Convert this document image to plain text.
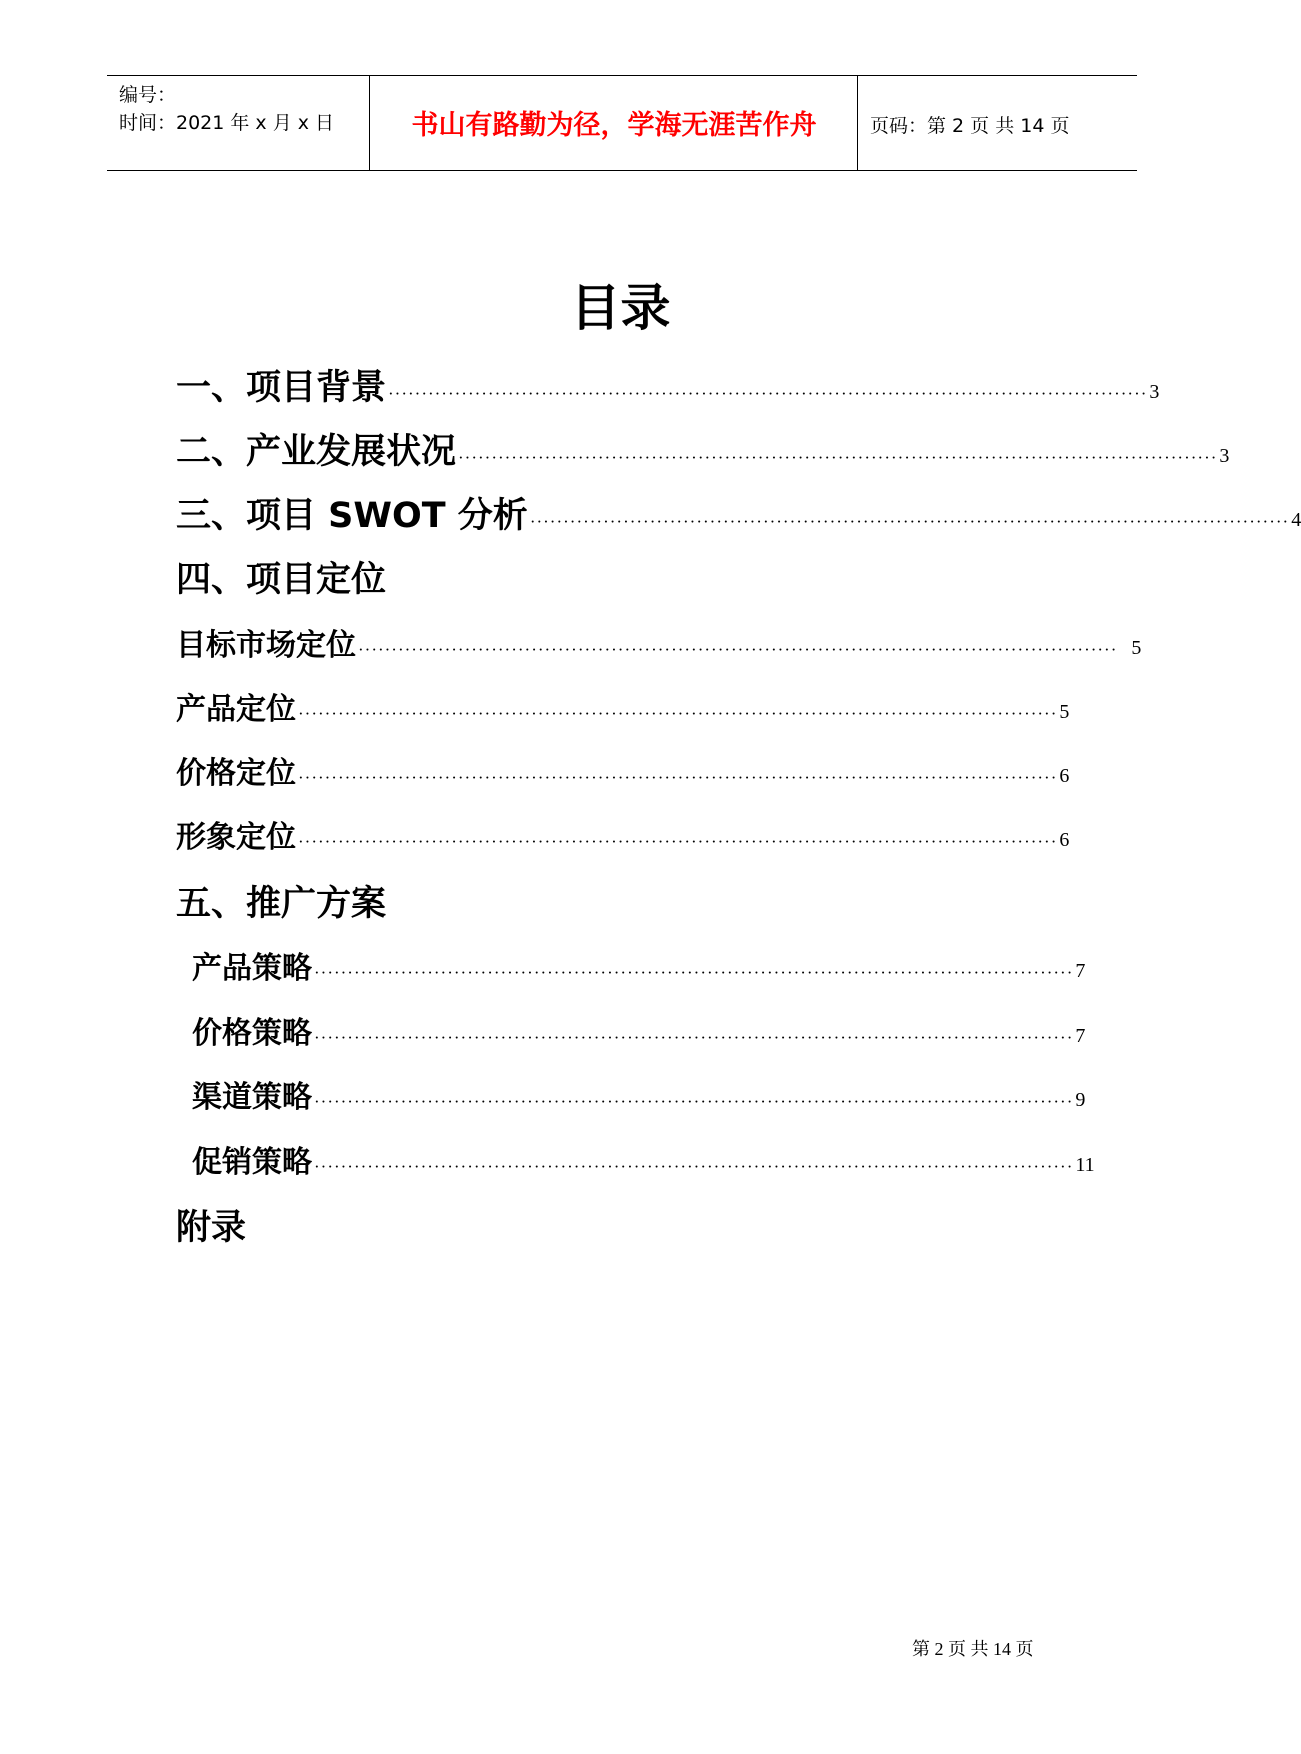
编号：
时间：2021 年 x 月 x 日	书山有路勤为径，学海无涯苦作舟	页码：第 2 页 共 14 页
目录
一、项目背景 ·················································································································· 3
二、产业发展状况 ·················································································································· 3
三、项目 SWOT 分析 ·················································································································· 4
四、项目定位
目标市场定位 ·················································································································· 5
产品定位 ·················································································································· 5
价格定位 ·················································································································· 6
形象定位 ·················································································································· 6
五、推广方案
产品策略 ·················································································································· 7
价格策略 ·················································································································· 7
渠道策略 ·················································································································· 9
促销策略 ·················································································································· 11
附录
第 2 页 共 14 页
